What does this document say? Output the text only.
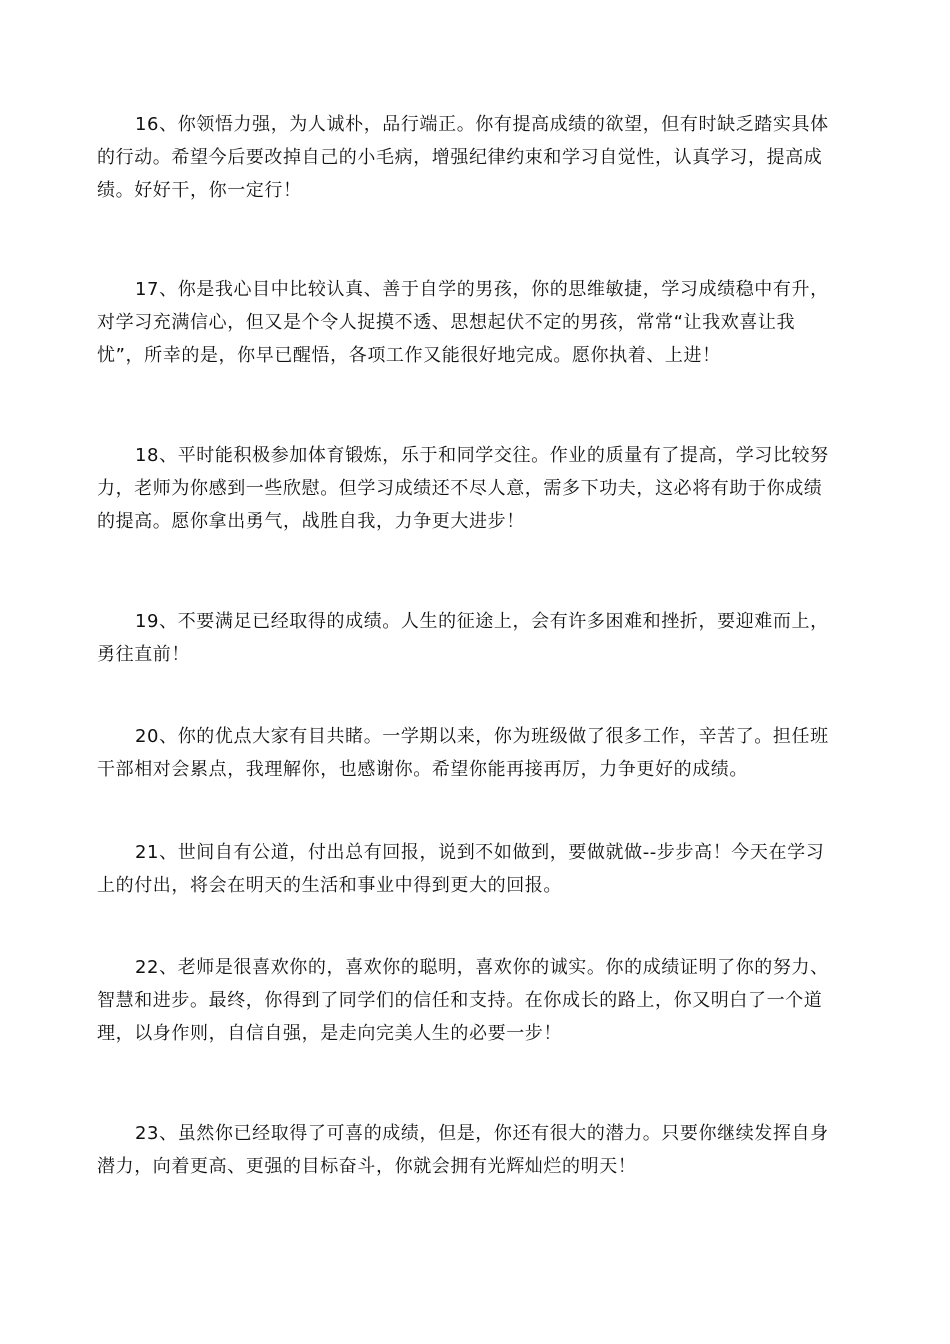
16、你领悟力强，为人诚朴，品行端正。你有提高成绩的欲望，但有时缺乏踏实具体
的行动。希望今后要改掉自己的小毛病，增强纪律约束和学习自觉性，认真学习，提高成
绩。好好干，你一定行！

17、你是我心目中比较认真、善于自学的男孩，你的思维敏捷，学习成绩稳中有升，
对学习充满信心，但又是个令人捉摸不透、思想起伏不定的男孩，常常“让我欢喜让我
忧”，所幸的是，你早已醒悟，各项工作又能很好地完成。愿你执着、上进！

18、平时能积极参加体育锻炼，乐于和同学交往。作业的质量有了提高，学习比较努
力，老师为你感到一些欣慰。但学习成绩还不尽人意，需多下功夫，这必将有助于你成绩
的提高。愿你拿出勇气，战胜自我，力争更大进步！

19、不要满足已经取得的成绩。人生的征途上，会有许多困难和挫折，要迎难而上，
勇往直前！

20、你的优点大家有目共睹。一学期以来，你为班级做了很多工作，辛苦了。担任班
干部相对会累点，我理解你，也感谢你。希望你能再接再厉，力争更好的成绩。

21、世间自有公道，付出总有回报，说到不如做到，要做就做--步步高！今天在学习
上的付出，将会在明天的生活和事业中得到更大的回报。

22、老师是很喜欢你的，喜欢你的聪明，喜欢你的诚实。你的成绩证明了你的努力、
智慧和进步。最终，你得到了同学们的信任和支持。在你成长的路上，你又明白了一个道
理，以身作则，自信自强，是走向完美人生的必要一步！

23、虽然你已经取得了可喜的成绩，但是，你还有很大的潜力。只要你继续发挥自身
潜力，向着更高、更强的目标奋斗，你就会拥有光辉灿烂的明天！
